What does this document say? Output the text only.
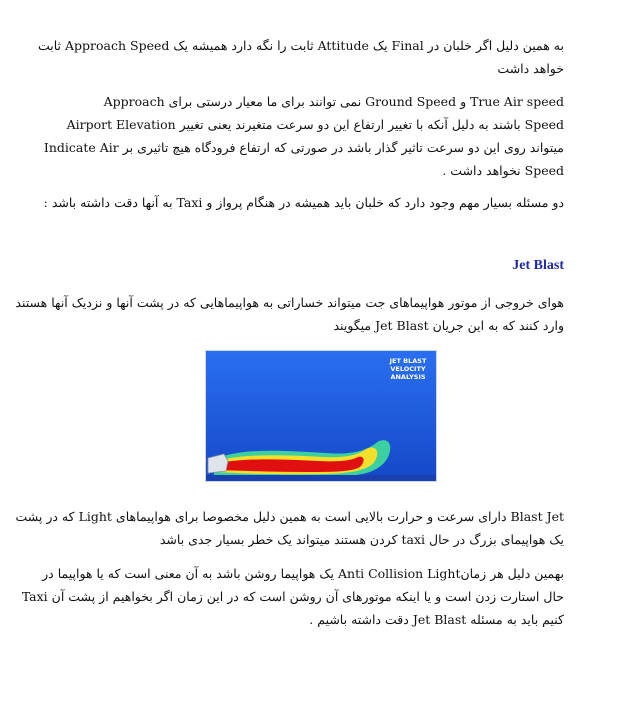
به همین دلیل اگر خلبان در Final یک Attitude ثابت را نگه دارد همیشه یک Approach Speed ثابت
خواهد داشت

True Air speed و Ground Speed نمی توانند برای ما معیار درستی برای Approach
Speed باشند به دلیل آنکه با تغییر ارتفاع این دو سرعت متغیرند یعنی تغییر Airport Elevation
میتواند روی این دو سرعت تاثیر گذار باشد در صورتی که ارتفاع فرودگاه هیچ تاثیری بر Indicate Air
Speed نخواهد داشت .

دو مسئله بسیار مهم وجود دارد که خلبان باید همیشه در هنگام پرواز و Taxi به آنها دقت داشته باشد :

Jet Blast

هوای خروجی از موتور هواپیماهای جت میتواند خساراتی به هواپیماهایی که در پشت آنها و نزدیک آنها هستند
وارد کنند که به این جریان Jet Blast میگویند

JET BLAST
VELOCITY
ANALYSIS

Blast Jet دارای سرعت و حرارت بالایی است به همین دلیل مخصوصا برای هواپیماهای Light که در پشت
یک هواپیمای بزرگ در حال taxi کردن هستند میتواند یک خطر بسیار جدی باشد

بهمین دلیل هر زمانAnti Collision Light یک هواپیما روشن باشد به آن معنی است که یا هواپیما در
حال استارت زدن است و یا اینکه موتورهای آن روشن است که در این زمان اگر بخواهیم از پشت آن Taxi
کنیم باید به مسئله Jet Blast دقت داشته باشیم .
